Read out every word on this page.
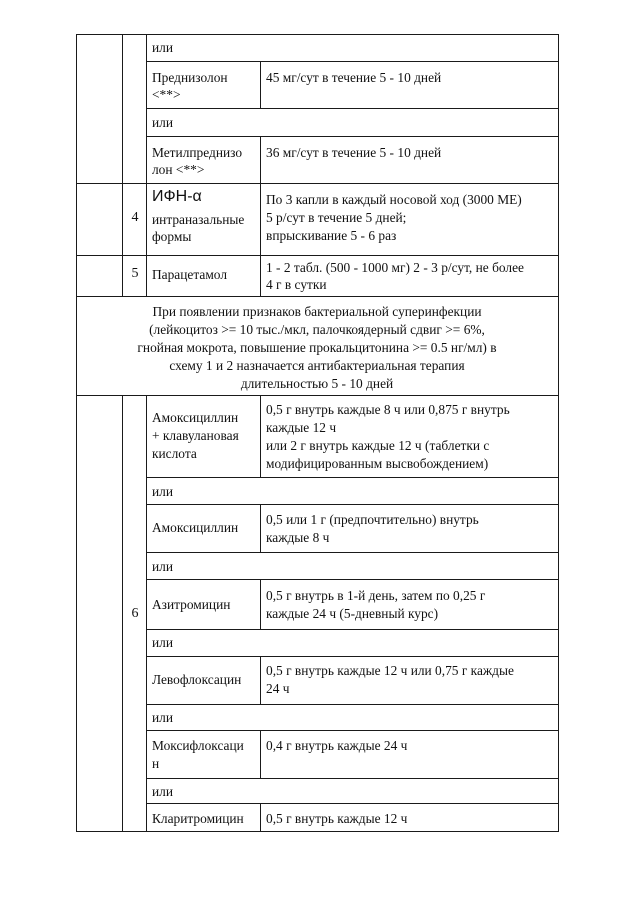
или
Преднизолон
<**>
45 мг/сут в течение 5 - 10 дней
или
Метилпреднизо
лон <**>
36 мг/сут в течение 5 - 10 дней
4
ИФН-α
интраназальные
формы
По 3 капли в каждый носовой ход (3000 МЕ)
5 р/сут в течение 5 дней;
впрыскивание 5 - 6 раз
5	Парацетамол	1 - 2 табл. (500 - 1000 мг) 2 - 3 р/сут, не более
4 г в сутки
При появлении признаков бактериальной суперинфекции
(лейкоцитоз >= 10 тыс./мкл, палочкоядерный сдвиг >= 6%,
гнойная мокрота, повышение прокальцитонина >= 0.5 нг/мл) в
схему 1 и 2 назначается антибактериальная терапия
длительностью 5 - 10 дней
6
Амоксициллин
+ клавулановая
кислота
0,5 г внутрь каждые 8 ч или 0,875 г внутрь
каждые 12 ч
или 2 г внутрь каждые 12 ч (таблетки с
модифицированным высвобождением)
или
Амоксициллин
0,5 или 1 г (предпочтительно) внутрь
каждые 8 ч
или
Азитромицин
0,5 г внутрь в 1-й день, затем по 0,25 г
каждые 24 ч (5-дневный курс)
или
Левофлоксацин
0,5 г внутрь каждые 12 ч или 0,75 г каждые
24 ч
или
Моксифлоксаци
н
0,4 г внутрь каждые 24 ч
или
Кларитромицин 0,5 г внутрь каждые 12 ч
